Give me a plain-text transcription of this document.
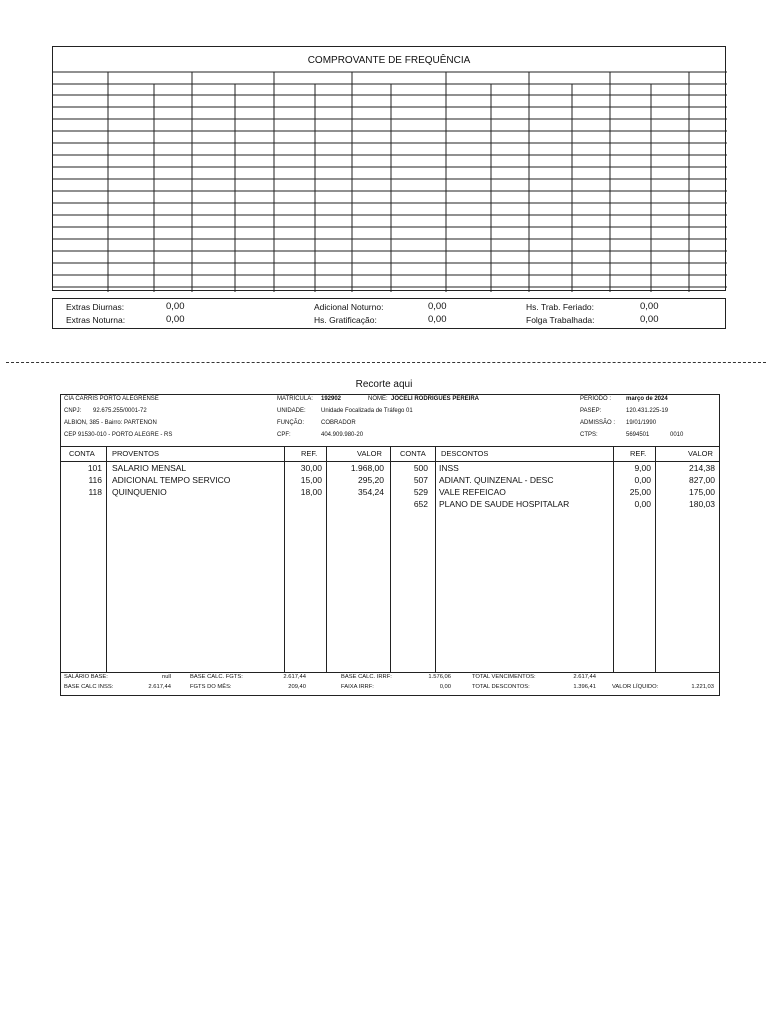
COMPROVANTE DE FREQUÊNCIA
Extras Diurnas:	0,00
Extras Noturna:	0,00
Adicional Noturno:	0,00
Hs. Gratificação:	0,00
Hs. Trab. Feriado:	0,00
Folga Trabalhada:	0,00
Recorte aqui
CIA CARRIS PORTO ALEGRENSE
CNPJ: 92.675.255/0001-72
ALBION, 385 - Bairro: PARTENON
CEP 91530-010 - PORTO ALEGRE - RS
MATRÍCULA: 192902	NOME: JOCELI RODRIGUES PEREIRA
UNIDADE:	Unidade Focalizada de Tráfego 01
FUNÇÃO:	COBRADOR
CPF:	404.909.980-20
PERÍODO : março de 2024
PASEP:	120.431.225-19
ADMISSÃO : 19/01/1990
CTPS:	5694501	0010
CONTA PROVENTOS	REF.	VALOR CONTA DESCONTOS	REF.	VALOR
101 SALARIO MENSAL	30,00	1.968,00
116 ADICIONAL TEMPO SERVICO	15,00	295,20
118 QUINQUENIO	18,00	354,24
500 INSS	9,00	214,38
507 ADIANT. QUINZENAL - DESC	0,00	827,00
529 VALE REFEICAO	25,00	175,00
652 PLANO DE SAUDE HOSPITALAR	0,00	180,03
SALÁRIO BASE:	null
BASE CALC INSS:	2.617,44
BASE CALC. FGTS:	2.617,44
FGTS DO MÊS:	209,40
BASE CALC. IRRF:	1.576,06
FAIXA IRRF:	0,00
TOTAL VENCIMENTOS:	2.617,44
TOTAL DESCONTOS:	1.396,41	VALOR LÍQUIDO:	1.221,03
